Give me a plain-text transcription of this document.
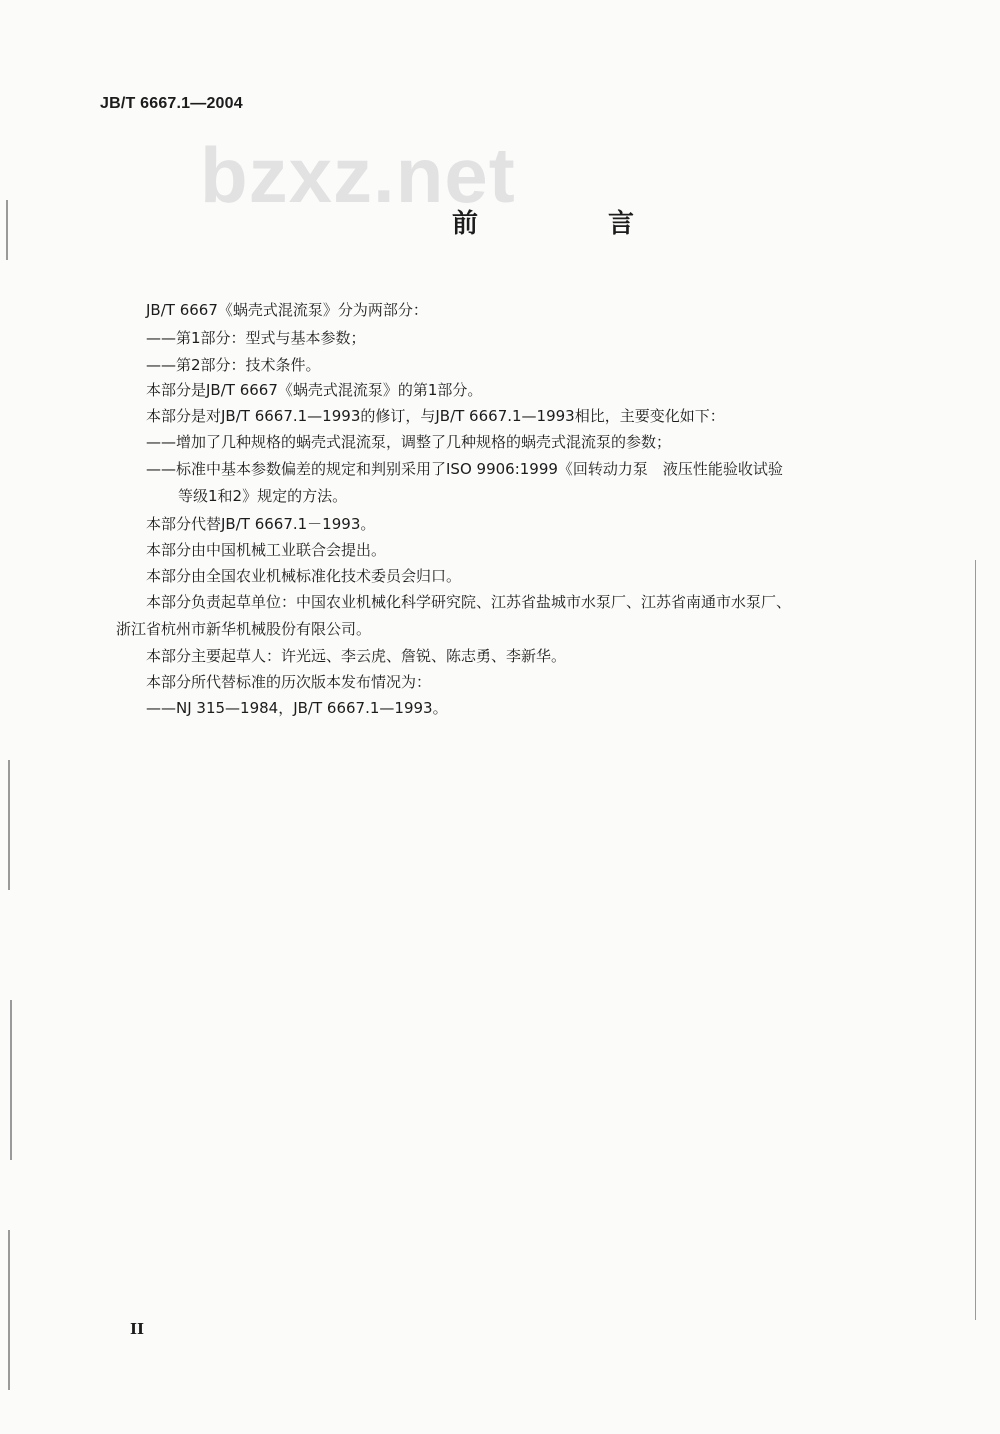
JB/T 6667.1—2004
bzxz.net
前　言
JB/T 6667《蜗壳式混流泵》分为两部分：
——第1部分：型式与基本参数；
——第2部分：技术条件。
本部分是JB/T 6667《蜗壳式混流泵》的第1部分。
本部分是对JB/T 6667.1—1993的修订，与JB/T 6667.1—1993相比，主要变化如下：
——增加了几种规格的蜗壳式混流泵，调整了几种规格的蜗壳式混流泵的参数；
——标准中基本参数偏差的规定和判别采用了ISO 9906:1999《回转动力泵　液压性能验收试验
等级1和2》规定的方法。
本部分代替JB/T 6667.1－1993。
本部分由中国机械工业联合会提出。
本部分由全国农业机械标准化技术委员会归口。
本部分负责起草单位：中国农业机械化科学研究院、江苏省盐城市水泵厂、江苏省南通市水泵厂、
浙江省杭州市新华机械股份有限公司。
本部分主要起草人：许光远、李云虎、詹锐、陈志勇、李新华。
本部分所代替标准的历次版本发布情况为：
——NJ 315—1984，JB/T 6667.1—1993。
II
